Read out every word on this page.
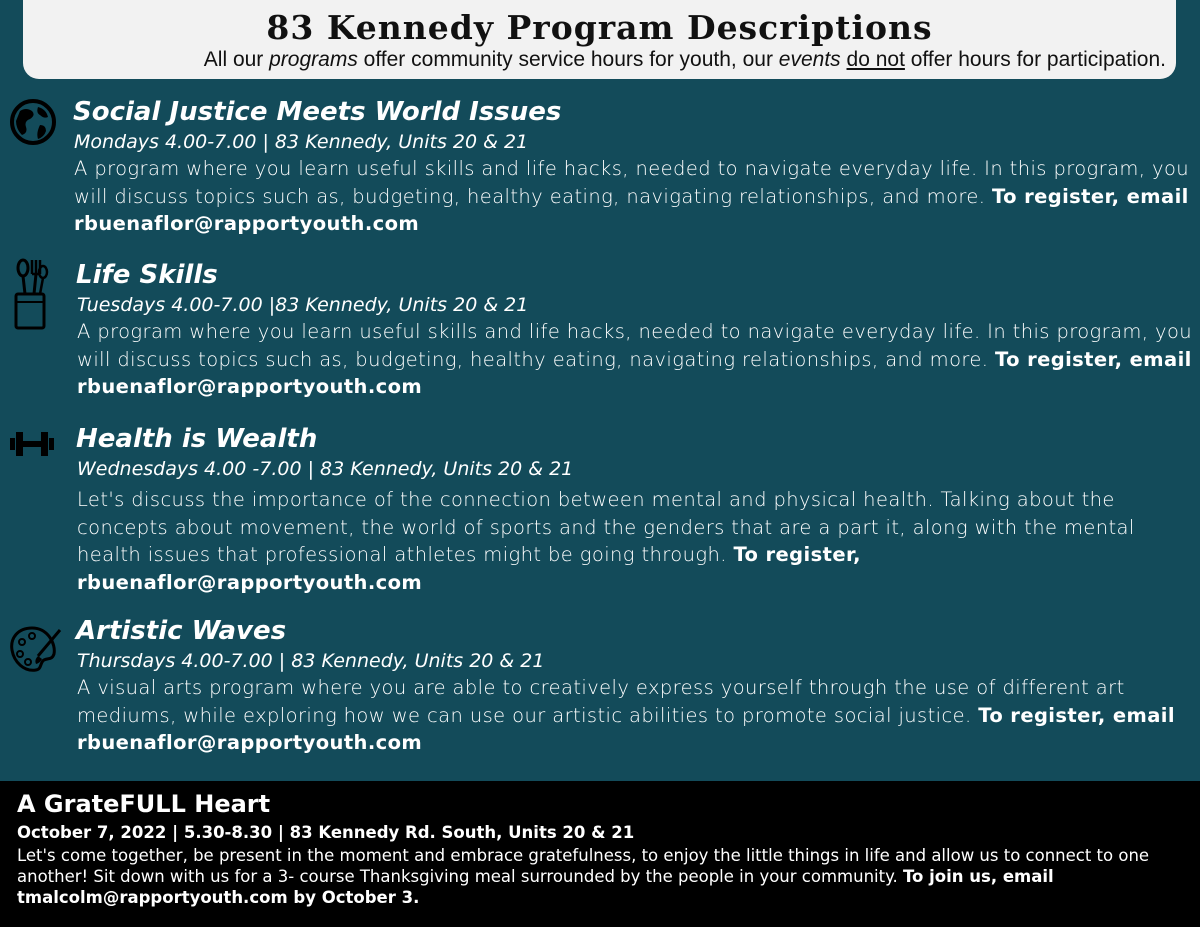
83 Kennedy Program Descriptions
All our programs offer community service hours for youth, our events do not offer hours for participation.
Social Justice Meets World Issues
Mondays 4.00-7.00 | 83 Kennedy, Units 20 & 21
A program where you learn useful skills and life hacks, needed to navigate everyday life. In this program, you will discuss topics such as, budgeting, healthy eating, navigating relationships, and more. To register, email rbuenaflor@rapportyouth.com
Life Skills
Tuesdays 4.00-7.00 |83 Kennedy, Units 20 & 21
A program where you learn useful skills and life hacks, needed to navigate everyday life. In this program, you will discuss topics such as, budgeting, healthy eating, navigating relationships, and more. To register, email rbuenaflor@rapportyouth.com
Health is Wealth
Wednesdays 4.00 -7.00 | 83 Kennedy, Units 20 & 21
Let's discuss the importance of the connection between mental and physical health. Talking about the concepts about movement, the world of sports and the genders that are a part it, along with the mental health issues that professional athletes might be going through. To register, rbuenaflor@rapportyouth.com
Artistic Waves
Thursdays 4.00-7.00 | 83 Kennedy, Units 20 & 21
A visual arts program where you are able to creatively express yourself through the use of different art mediums, while exploring how we can use our artistic abilities to promote social justice. To register, email rbuenaflor@rapportyouth.com
A GrateFULL Heart
October 7, 2022 | 5.30-8.30 | 83 Kennedy Rd. South, Units 20 & 21
Let's come together, be present in the moment and embrace gratefulness, to enjoy the little things in life and allow us to connect to one another! Sit down with us for a 3- course Thanksgiving meal surrounded by the people in your community. To join us, email tmalcolm@rapportyouth.com by October 3.
